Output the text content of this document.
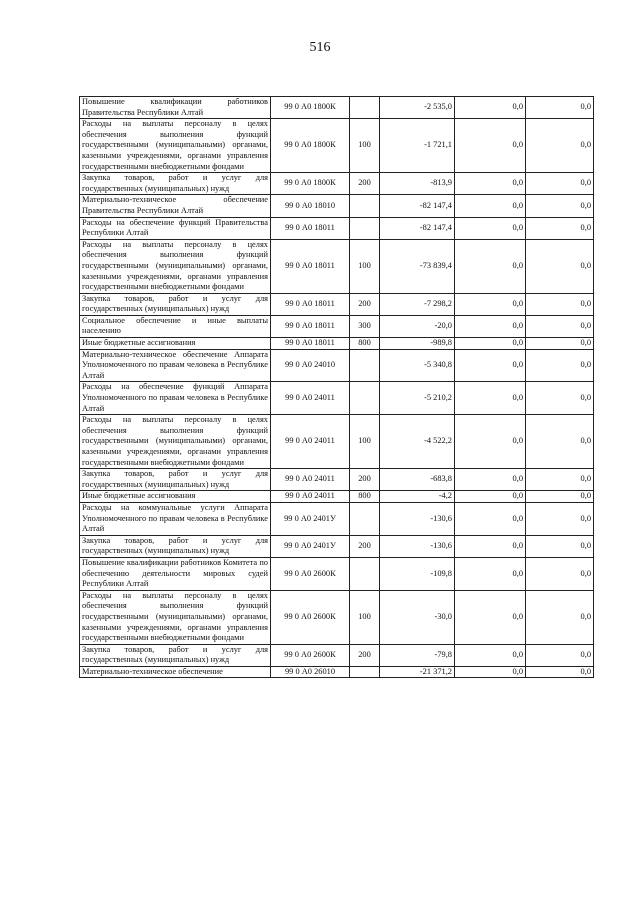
516
Повышение квалификации работников Правительства Республики Алтай	99 0 А0 1800К		-2 535,0	0,0	0,0
Расходы на выплаты персоналу в целях обеспечения выполнения функций государственными (муниципальными) органами, казенными учреждениями, органами управления государственными внебюджетными фондами	99 0 А0 1800К	100	-1 721,1	0,0	0,0
Закупка товаров, работ и услуг для государственных (муниципальных) нужд	99 0 А0 1800К	200	-813,9	0,0	0,0
Материально-техническое обеспечение Правительства Республики Алтай	99 0 А0 18010		-82 147,4	0,0	0,0
Расходы на обеспечение функций Правительства Республики Алтай	99 0 А0 18011		-82 147,4	0,0	0,0
Расходы на выплаты персоналу в целях обеспечения выполнения функций государственными (муниципальными) органами, казенными учреждениями, органами управления государственными внебюджетными фондами	99 0 А0 18011	100	-73 839,4	0,0	0,0
Закупка товаров, работ и услуг для государственных (муниципальных) нужд	99 0 А0 18011	200	-7 298,2	0,0	0,0
Социальное обеспечение и иные выплаты населению	99 0 А0 18011	300	-20,0	0,0	0,0
Иные бюджетные ассигнования	99 0 А0 18011	800	-989,8	0,0	0,0
Материально-техническое обеспечение Аппарата Уполномоченного по правам человека в Республике Алтай	99 0 А0 24010		-5 340,8	0,0	0,0
Расходы на обеспечение функций Аппарата Уполномоченного по правам человека в Республике Алтай	99 0 А0 24011		-5 210,2	0,0	0,0
Расходы на выплаты персоналу в целях обеспечения выполнения функций государственными (муниципальными) органами, казенными учреждениями, органами управления государственными внебюджетными фондами	99 0 А0 24011	100	-4 522,2	0,0	0,0
Закупка товаров, работ и услуг для государственных (муниципальных) нужд	99 0 А0 24011	200	-683,8	0,0	0,0
Иные бюджетные ассигнования	99 0 А0 24011	800	-4,2	0,0	0,0
Расходы на коммунальные услуги Аппарата Уполномоченного по правам человека в Республике Алтай	99 0 А0 2401У		-130,6	0,0	0,0
Закупка товаров, работ и услуг для государственных (муниципальных) нужд	99 0 А0 2401У	200	-130,6	0,0	0,0
Повышение квалификации работников Комитета по обеспечению деятельности мировых судей Республики Алтай	99 0 А0 2600К		-109,8	0,0	0,0
Расходы на выплаты персоналу в целях обеспечения выполнения функций государственными (муниципальными) органами, казенными учреждениями, органами управления государственными внебюджетными фондами	99 0 А0 2600К	100	-30,0	0,0	0,0
Закупка товаров, работ и услуг для государственных (муниципальных) нужд	99 0 А0 2600К	200	-79,8	0,0	0,0
Материально-техническое обеспечение	99 0 А0 26010		-21 371,2	0,0	0,0
